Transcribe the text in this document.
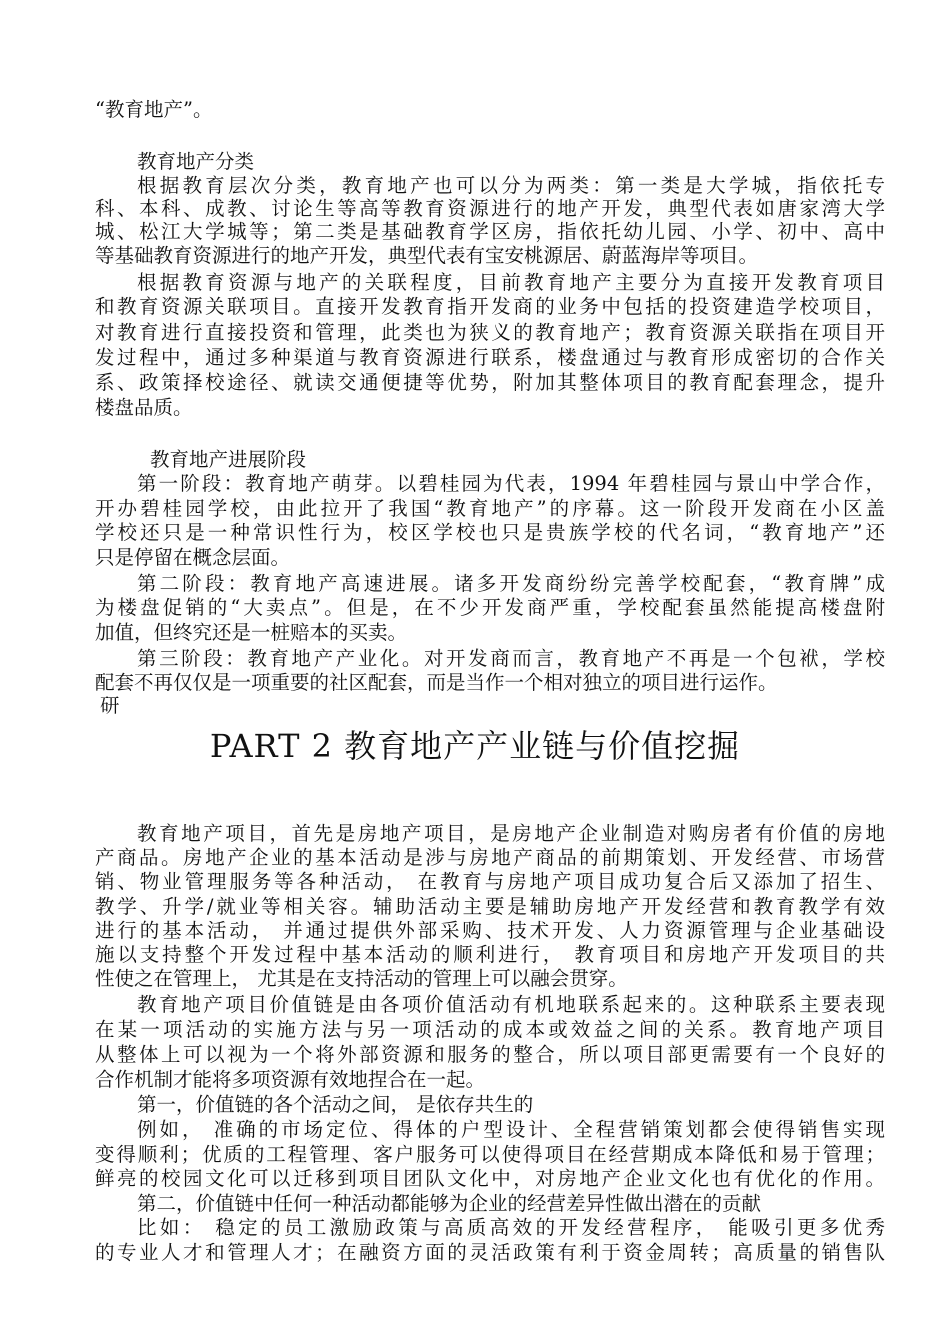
“教育地产”。
教育地产分类
根据教育层次分类，教育地产也可以分为两类：第一类是大学城，指依托专
科、本科、成教、讨论生等高等教育资源进行的地产开发，典型代表如唐家湾大学
城、松江大学城等；第二类是基础教育学区房，指依托幼儿园、小学、初中、高中
等基础教育资源进行的地产开发，典型代表有宝安桃源居、蔚蓝海岸等项目。
根据教育资源与地产的关联程度，目前教育地产主要分为直接开发教育项目
和教育资源关联项目。直接开发教育指开发商的业务中包括的投资建造学校项目，
对教育进行直接投资和管理，此类也为狭义的教育地产；教育资源关联指在项目开
发过程中，通过多种渠道与教育资源进行联系，楼盘通过与教育形成密切的合作关
系、政策择校途径、就读交通便捷等优势，附加其整体项目的教育配套理念，提升
楼盘品质。
教育地产进展阶段
第一阶段：教育地产萌芽。以碧桂园为代表，1994 年碧桂园与景山中学合作，
开办碧桂园学校，由此拉开了我国“教育地产”的序幕。这一阶段开发商在小区盖
学校还只是一种常识性行为，校区学校也只是贵族学校的代名词，“教育地产”还
只是停留在概念层面。
第二阶段：教育地产高速进展。诸多开发商纷纷完善学校配套，“教育牌”成
为楼盘促销的“大卖点”。但是，在不少开发商严重，学校配套虽然能提高楼盘附
加值，但终究还是一桩赔本的买卖。
第三阶段：教育地产产业化。对开发商而言，教育地产不再是一个包袱，学校
配套不再仅仅是一项重要的社区配套，而是当作一个相对独立的项目进行运作。
研
PART 2 教育地产产业链与价值挖掘
教育地产项目，首先是房地产项目，是房地产企业制造对购房者有价值的房地
产商品。房地产企业的基本活动是涉与房地产商品的前期策划、开发经营、市场营
销、物业管理服务等各种活动， 在教育与房地产项目成功复合后又添加了招生、
教学、升学/就业等相关容。辅助活动主要是辅助房地产开发经营和教育教学有效
进行的基本活动， 并通过提供外部采购、技术开发、人力资源管理与企业基础设
施以支持整个开发过程中基本活动的顺利进行， 教育项目和房地产开发项目的共
性使之在管理上， 尤其是在支持活动的管理上可以融会贯穿。
教育地产项目价值链是由各项价值活动有机地联系起来的。这种联系主要表现
在某一项活动的实施方法与另一项活动的成本或效益之间的关系。教育地产项目
从整体上可以视为一个将外部资源和服务的整合，所以项目部更需要有一个良好的
合作机制才能将多项资源有效地捏合在一起。
第一，价值链的各个活动之间， 是依存共生的
例如， 准确的市场定位、得体的户型设计、全程营销策划都会使得销售实现
变得顺利；优质的工程管理、客户服务可以使得项目在经营期成本降低和易于管理；
鲜亮的校园文化可以迁移到项目团队文化中，对房地产企业文化也有优化的作用。
第二，价值链中任何一种活动都能够为企业的经营差异性做出潜在的贡献
比如： 稳定的员工激励政策与高质高效的开发经营程序， 能吸引更多优秀
的专业人才和管理人才；在融资方面的灵活政策有利于资金周转；高质量的销售队
